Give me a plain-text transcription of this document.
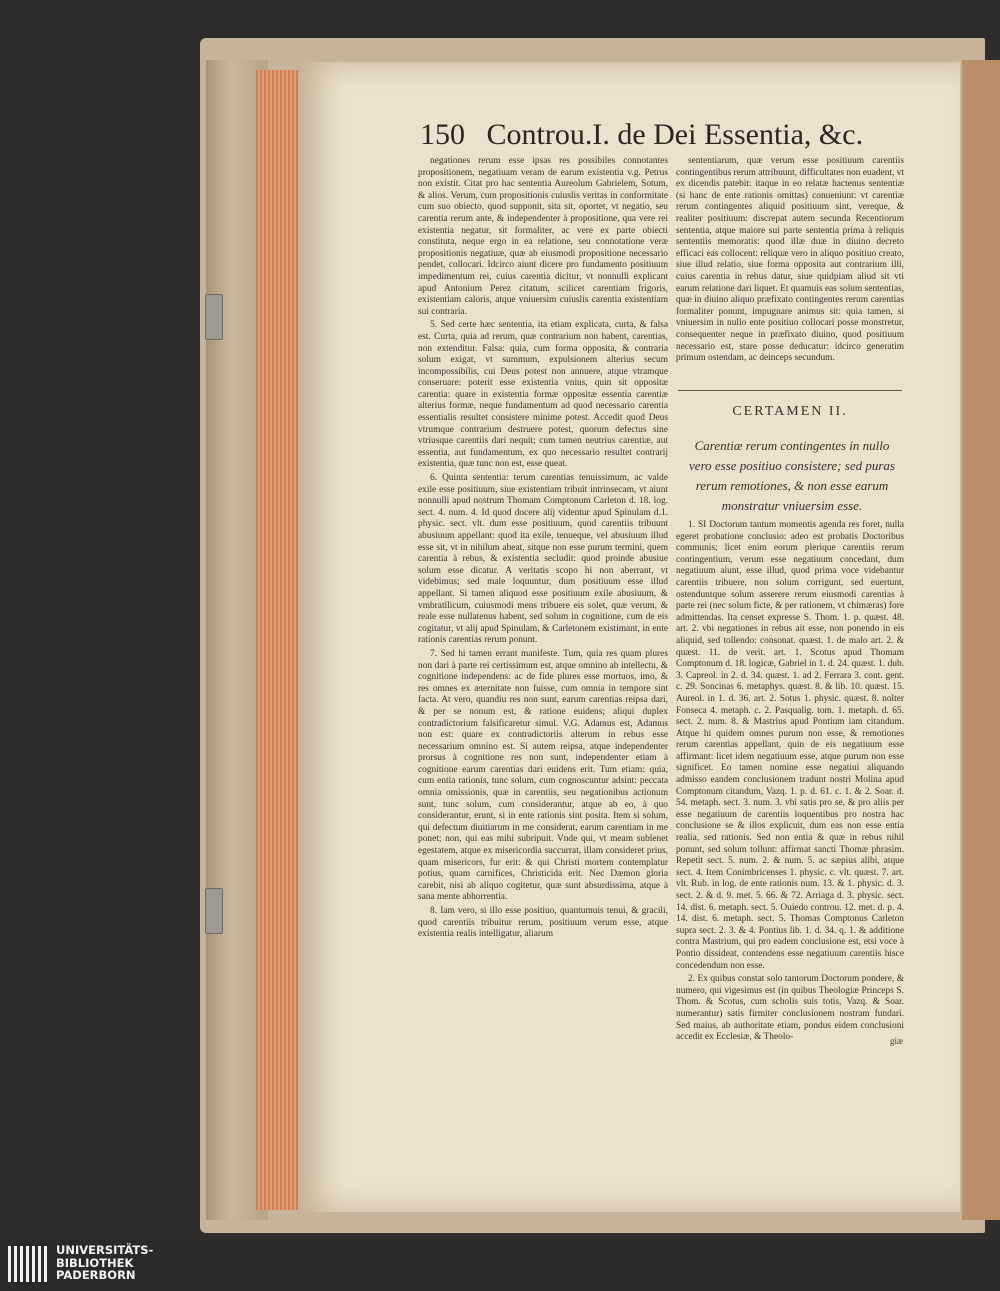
150 Controu.I. de Dei Essentia, &c.

negationes rerum esse ipsas res possibiles connotantes propositionem, negatiuam veram de earum existentia v.g. Petrus non existit. Citat pro hac sententia Aureolum Gabrielem, Sotum, & alios. Verum, cum propositionis cuiuslis veritas in conformitate cum suo obiecto, quod supponit, sita sit, oportet, vt negatio, seu carentia rerum ante, & independenter à propositione, qua vere rei existentia negatur, sit formaliter, ac vere ex parte obiecti constituta, neque ergo in ea relatione, seu connotatione veræ propositionis negatiuæ, quæ ab eiusmodi propositione necessario pendet, collocari. Idcirco aiunt dicere pro fundamento positiuum impedimentum rei, cuius carentia dicitur, vt nonnulli explicant apud Antonium Perez citatum, scilicet carentiam frigoris, existentiam caloris, atque vniuersim cuiuslis carentia existentiam sui contraria.

5. Sed certe hæc sententia, ita etiam explicata, curta, & falsa est. Curta, quia ad rerum, quæ contrarium non habent, carentias, non extenditur. Falsa: quia, cum forma opposita, & contraria solum exigat, vt summum, expulsionem alterius secum incompossibilis, cui Deus potest non annuere, atque vtramque conseruare: poterit esse existentia vnius, quin sit oppositæ carentia: quare in existentia formæ oppositæ essentia carentiæ alterius formæ, neque fundamentum ad quod necessario carentia essentialis resultet consistere minime potest. Accedit quod Deus vtrumque contrarium destruere potest, quorum defectus sine vtriusque carentiis dari nequit; cum tamen neutrius carentiæ, aut essentia, aut fundamentum, ex quo necessario resultet contrarij existentia, quæ tunc non est, esse queat.

6. Quinta sententia: terum carentias tenuissimum, ac valde exile esse positiuum, siue existentiam tribuit intrinsecam, vt aiunt nonnulli apud nostrum Thomam Comptonum Carleton d. 18. log. sect. 4. num. 4. Id quod docere alij videntur apud Spinulam d.1. physic. sect. vlt. dum esse positiuum, quod carentiis tribuunt abusiuum appellant: quod ita exile, tenueque, vel abusiuum illud esse sit, vt in nihilum abeat, sitque non esse purum termini, quem carentia à rebus, & existentia secludit: quod proinde abusiue solum esse dicatur. A veritatis scopo hi non aberrant, vt videbimus; sed male loquuntur, dum positiuum esse illud appellant. Si tamen aliquod esse positiuum exile abusiuum, & vmbratilicum, cuiusmodi mens tribuere eis solet, quæ verum, & reale esse nullatenus habent, sed solum in cognitione, cum de eis cogitatur, vt alij apud Spinulam, & Carletonem existimant, in ente rationis carentias rerum ponunt.

7. Sed hi tamen errant manifeste. Tum, quia res quam plures non dari à parte rei certissimum est, atque omnino ab intellectu, & cognitione independens: ac de fide plures esse mortuos, imo, & res omnes ex æternitate non fuisse, cum omnia in tempore sint facta. At vero, quandiu res non sunt, earum carentias reipsa dari, & per se nonum est, & ratione euidens; aliqui duplex contradictorium falsificaretur simul. V.G. Adamus est, Adamus non est: quare ex contradictoriis alterum in rebus esse necessarium omnino est. Si autem reipsa, atque independenter prorsus à cognitione res non sunt, independenter etiam à cognitione earum carentias dari euidens erit. Tum etiam: quia, cum entia rationis, tunc solum, cum cognoscuntur adsint: peccata omnia omissionis, quæ in carentiis, seu negationibus actionum sunt, tunc solum, cum considerantur, atque ab eo, à quo considerantur, erunt, si in ente rationis sint posita. Item si solum, qui defectum diuitiarum in me considerat, earum carentiam in me ponet; non, qui eas mihi subripuit. Vnde qui, vt meam sublenet egestatem, atque ex misericordia succurrat, illam consideret prius, quam misericors, fur erit: & qui Christi mortem contemplatur potius, quam carnifices, Christicida erit. Nec Dæmon gloria carebit, nisi ab aliquo cogitetur, quæ sunt absurdissima, atque à sana mente abhorrentia.

8. Iam vero, si illo esse positiuo, quantumuis tenui, & gracili, quod carentiis tribuitur rerum, positiuum verum esse, atque existentia realis intelligatur, aliarum

sententiarum, quæ verum esse positiuum carentiis contingentibus rerum attribuunt, difficultates non euadent, vt ex dicendis patebit: itaque in eo relatæ hactenus sententiæ (si hanc de ente rationis omittas) conueniunt: vt carentiæ rerum contingentes aliquid positiuum sint, vereque, & realiter positiuum: discrepat autem secunda Recentiorum sententia, atque maiore sui parte sententia prima à reliquis sententiis memoratis: quod illæ duæ in diuino decreto efficaci eas collocent: reliquæ vero in aliquo positiuo creato, siue illud relatio, siue forma opposita aut contrarium illi, cuius carentia in rebus datur, siue quidpiam aliud sit vti earum relatione dari liquet. Et quamuis eas solum sententias, quæ in diuino aliquo præfixato contingentes rerum carentias formaliter ponunt, impugnare animus sit: quia tamen, si vniuersim in nullo ente positiuo collocari posse monstretur, consequenter neque in præfixato diuino, quod positiuum necessario est, stare posse deducatur: idcirco generatim primum ostendam, ac deinceps secundum.

CERTAMEN II.
Carentiæ rerum contingentes in nullo vero esse positiuo consistere; sed puras rerum remotiones, & non esse earum monstratur vniuersim esse.

1. SI Doctorum tantum momentis agenda res foret, nulla egeret probatione conclusio: adeo est probatis Doctoribus communis; licet enim eorum plerique carentiis rerum contingentium, verum esse negatiuum concedant, dum negatiuum aiunt, esse illud, quod prima voce videbantur carentiis tribuere, non solum corrigunt, sed euertunt, ostenduntque solum asserere rerum eiusmodi carentias à parte rei (nec solum ficte, & per rationem, vt chimæras) fore admittendas. Ita censet expresse S. Thom. 1. p. quæst. 48. art. 2. vbi negationes in rebus ait esse, non ponendo in eis aliquid, sed tollendo: consonat. quæst. 1. de malo art. 2. & quæst. 11. de verit. art. 1. Scotus apud Thomam Comptonum d. 18. logicæ, Gabriel in 1. d. 24. quæst. 1. dub. 3. Capreol. in 2. d. 34. quæst. 1. ad 2. Ferrara 3. cont. gent. c. 29. Soncinas 6. metaphys. quæst. 8. & lib. 10. quæst. 15. Aureol. in 1. d. 36. art. 2. Sotus 1. physic. quæst. 8. nolter Fonseca 4. metaph. c. 2. Pasqualig. tom. 1. metaph. d. 65. sect. 2. num. 8. & Mastrius apud Pontium iam citandum. Atque hi quidem omnes purum non esse, & remotiones rerum carentias appellant, quin de eis negatiuum esse affirmant: licet idem negatiuum esse, atque purum non esse significet. Eo tamen nomine esse negatiui aliquando admisso eandem conclusionem tradunt nostri Molina apud Comptonum citandum, Vazq. 1. p. d. 61. c. 1. & 2. Soar. d. 54. metaph. sect. 3. num. 3. vbi satis pro se, & pro aliis per esse negatiuum de carentiis loquentibus pro nostra hac conclusione se & illos explicuit, dum eas non esse entia realia, sed rationis. Sed non entia & quæ in rebus nihil ponunt, sed solum tollunt: affirmat sancti Thomæ phrasim. Repetit sect. 5. num. 2. & num. 5. ac sæpius alibi, atque sect. 4. Item Conimbricenses 1. physic. c. vlt. quæst. 7. art. vlt. Rub. in log. de ente rationis num. 13. & 1. physic. d. 3. sect. 2. & d. 9. met. 5. 66. & 72. Arriaga d. 3. physic. sect. 14. dist. 6. metaph. sect. 5. Ouiedo controu. 12. met. d. p. 4. 14. dist. 6. metaph. sect. 5. Thomas Comptonus Carleton supra sect. 2. 3. & 4. Pontius lib. 1. d. 34. q. 1. & additione contra Mastrium, qui pro eadem conclusione est, etsi voce à Pontio dissideat, contendens esse negatiuum carentiis hisce concedendum non esse.

2. Ex quibus constat solo tantorum Doctorum pondere, & numero, qui vigesimus est (in quibus Theologiæ Princeps S. Thom. & Scotus, cum scholis suis totis, Vazq. & Soar. numerantur) satis firmiter conclusionem nostram fundari. Sed maius, ab authoritate etiam, pondus eidem conclusioni accedit ex Ecclesiæ, & Theolo-	giæ
UNIVERSITÄTS-
BIBLIOTHEK
PADERBORN
